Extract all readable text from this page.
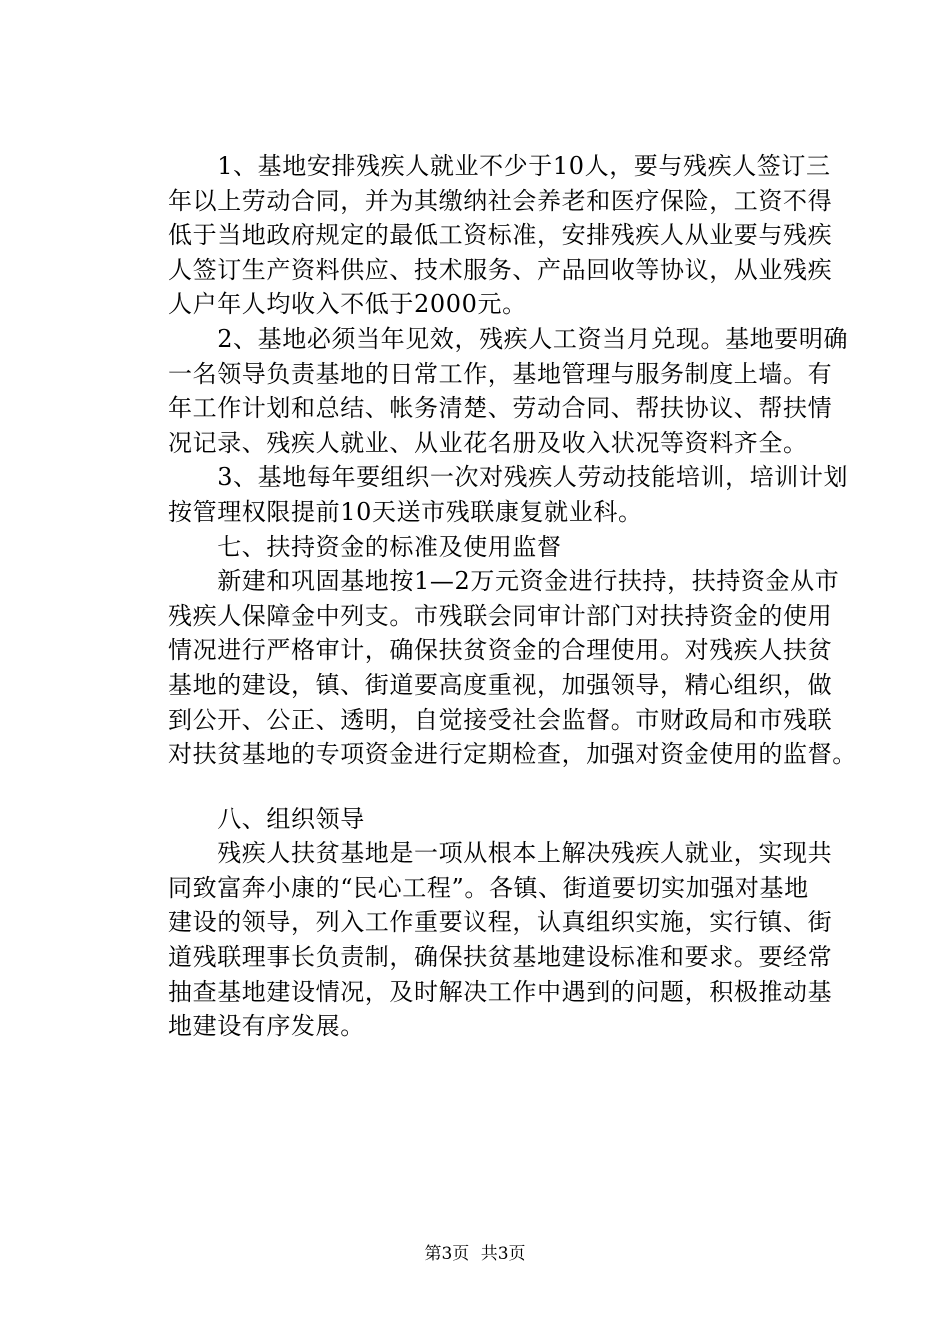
　　1、基地安排残疾人就业不少于10人，要与残疾人签订三
年以上劳动合同，并为其缴纳社会养老和医疗保险，工资不得
低于当地政府规定的最低工资标准，安排残疾人从业要与残疾
人签订生产资料供应、技术服务、产品回收等协议，从业残疾
人户年人均收入不低于2000元。
　　2、基地必须当年见效，残疾人工资当月兑现。基地要明确
一名领导负责基地的日常工作，基地管理与服务制度上墙。有
年工作计划和总结、帐务清楚、劳动合同、帮扶协议、帮扶情
况记录、残疾人就业、从业花名册及收入状况等资料齐全。
　　3、基地每年要组织一次对残疾人劳动技能培训，培训计划
按管理权限提前10天送市残联康复就业科。
　　七、扶持资金的标准及使用监督
　　新建和巩固基地按1—2万元资金进行扶持，扶持资金从市
残疾人保障金中列支。市残联会同审计部门对扶持资金的使用
情况进行严格审计，确保扶贫资金的合理使用。对残疾人扶贫
基地的建设，镇、街道要高度重视，加强领导，精心组织，做
到公开、公正、透明，自觉接受社会监督。市财政局和市残联
对扶贫基地的专项资金进行定期检查，加强对资金使用的监督。
　　八、组织领导
　　残疾人扶贫基地是一项从根本上解决残疾人就业，实现共
同致富奔小康的“民心工程”。各镇、街道要切实加强对基地
建设的领导，列入工作重要议程，认真组织实施，实行镇、街
道残联理事长负责制，确保扶贫基地建设标准和要求。要经常
抽查基地建设情况，及时解决工作中遇到的问题，积极推动基
地建设有序发展。
第3页 共3页
